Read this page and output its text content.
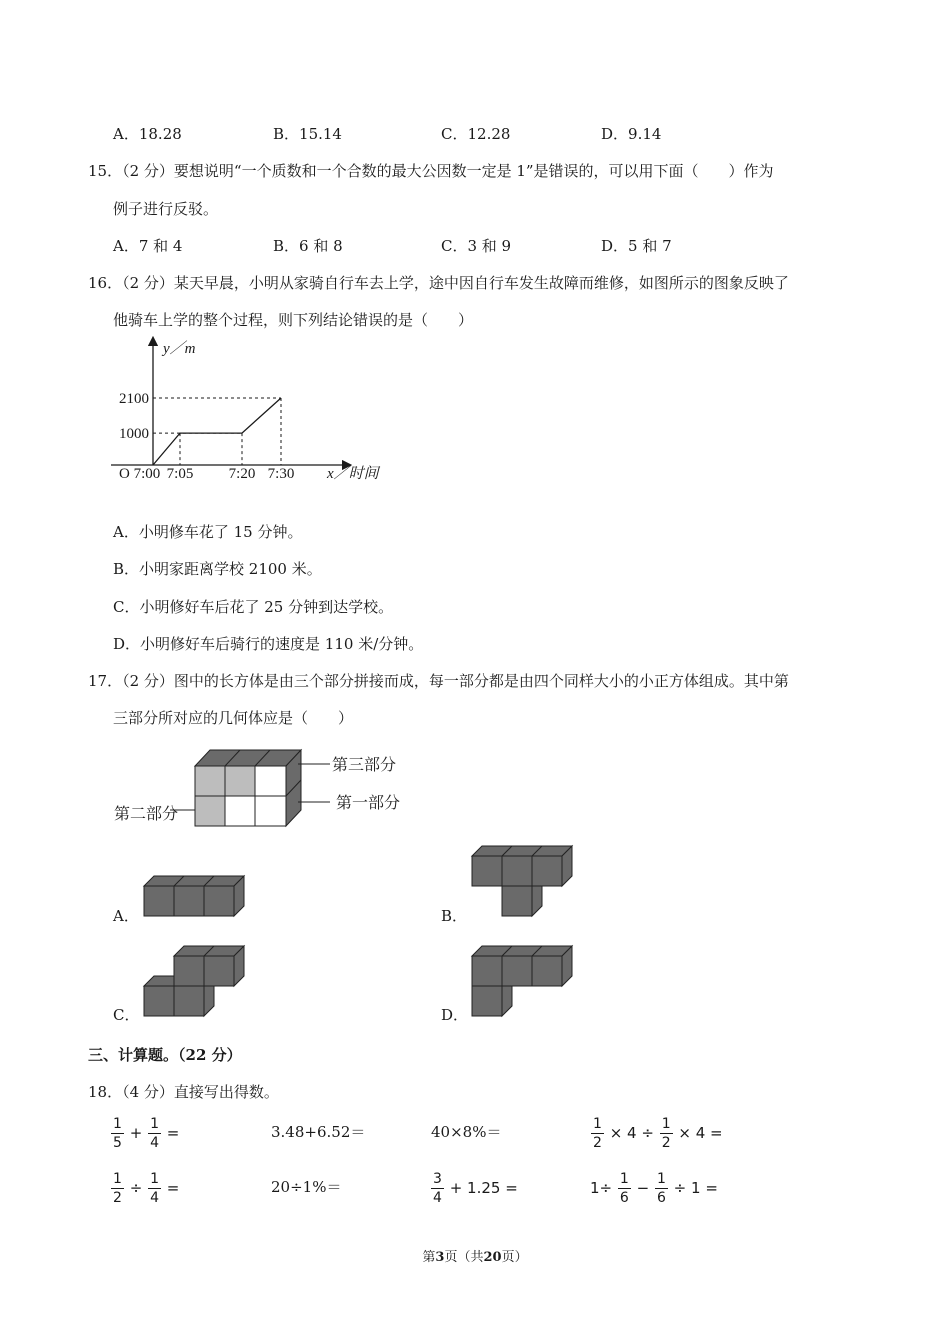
A．18.28	B．15.14	C．12.28	D．9.14
15．（2 分）要想说明“一个质数和一个合数的最大公因数一定是 1”是错误的，可以用下面（　　）作为
例子进行反驳。
A．7 和 4	B．6 和 8	C．3 和 9	D．5 和 7
16．（2 分）某天早晨，小明从家骑自行车去上学，途中因自行车发生故障而维修，如图所示的图象反映了
他骑车上学的整个过程，则下列结论错误的是（　　）
y／m
x／时间
O 7:00
1000
2100
7:05 7:20 7:30
A．小明修车花了 15 分钟。
B．小明家距离学校 2100 米。
C．小明修好车后花了 25 分钟到达学校。
D．小明修好车后骑行的速度是 110 米/分钟。
17．（2 分）图中的长方体是由三个部分拼接而成，每一部分都是由四个同样大小的小正方体组成。其中第
三部分所对应的几何体应是（　　）
第三部分
第一部分
第二部分
A．	B．
C．	D．
三、计算题。（22 分）
18．（4 分）直接写出得数。
$\frac{1}{5} + \frac{1}{4}$ =	3.48+6.52＝	40×8%＝	$\frac{1}{2} \times 4 \div \frac{1}{2} \times 4$ =
$\frac{1}{2} \div \frac{1}{4}$ =	20÷1%＝	$\frac{3}{4} + 1.25$ =	$1\div \frac{1}{6} - \frac{1}{6} \div 1$ =
第3页（共20页）
